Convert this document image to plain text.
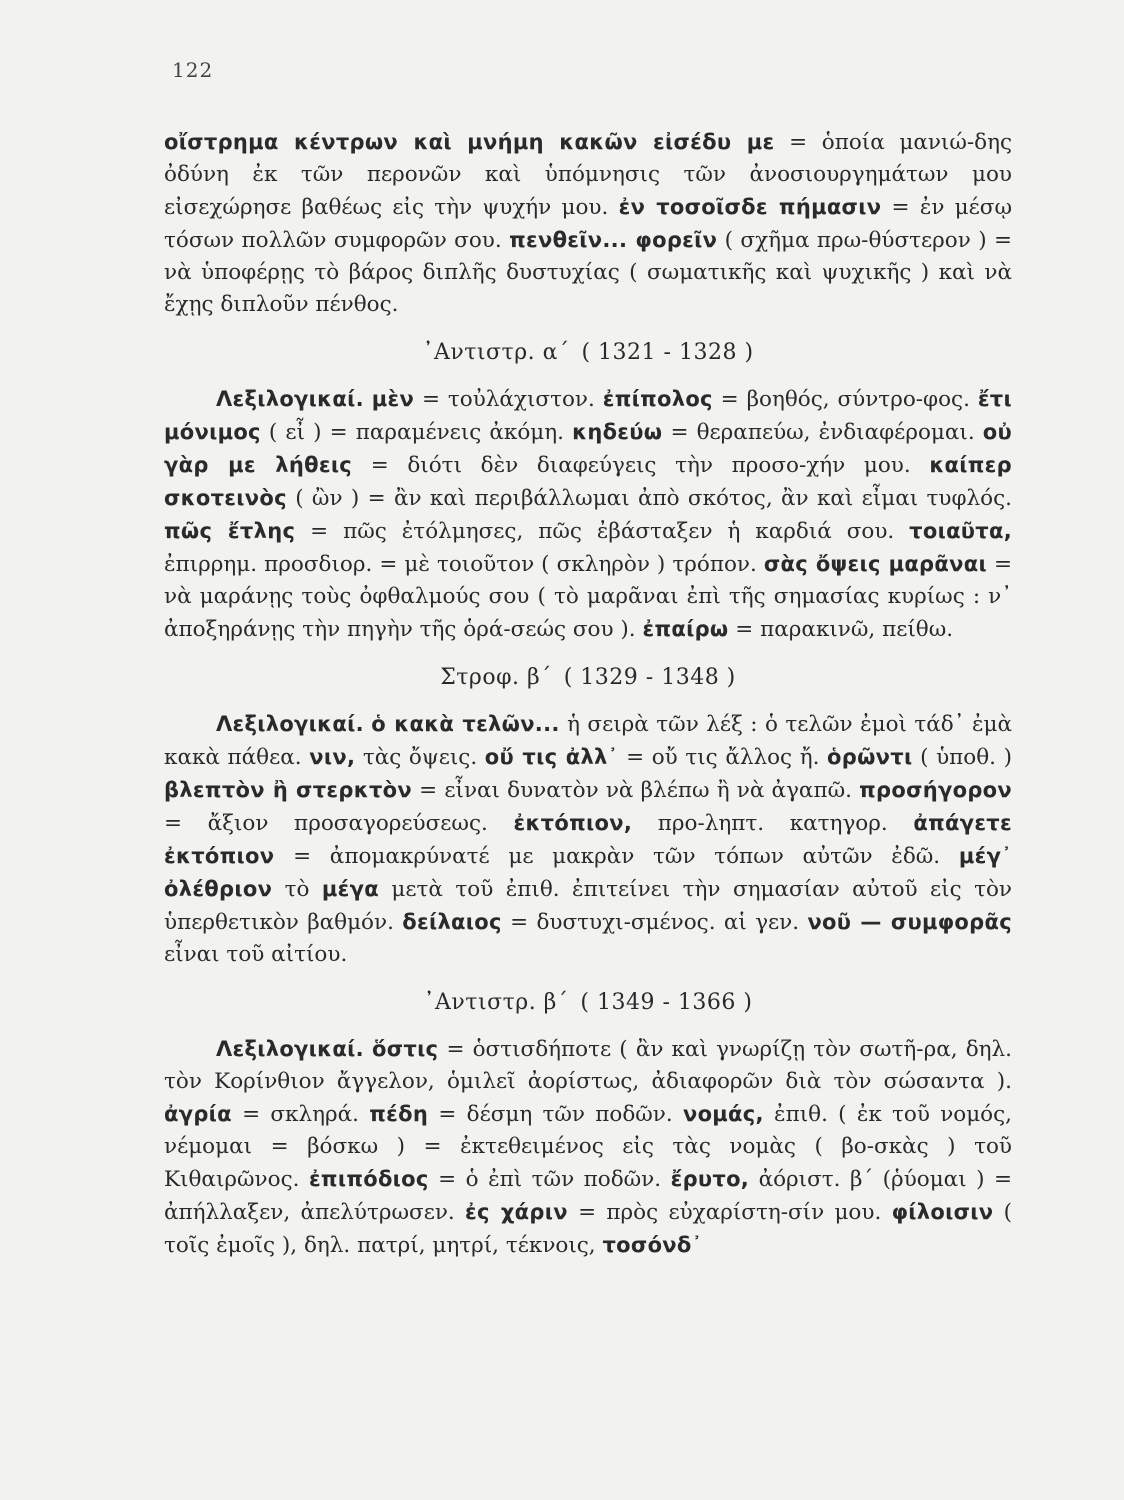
122

οἴστρημα κέντρων καὶ μνήμη κακῶν εἰσέδυ με = ὁποία μανιώ-δης ὀδύνη ἐκ τῶν περονῶν καὶ ὑπόμνησις τῶν ἀνοσιουργημάτων μου εἰσεχώρησε βαθέως εἰς τὴν ψυχήν μου. ἐν τοσοῖσδε πήμασιν = ἐν μέσῳ τόσων πολλῶν συμφορῶν σου. πενθεῖν... φορεῖν ( σχῆμα πρω-θύστερον ) = νὰ ὑποφέρῃς τὸ βάρος διπλῆς δυστυχίας ( σωματικῆς καὶ ψυχικῆς ) καὶ νὰ ἔχῃς διπλοῦν πένθος.

᾿Αντιστρ. α΄ ( 1321 - 1328 )

Λεξιλογικαί. μὲν = τοὐλάχιστον. ἐπίπολος = βοηθός, σύντρο-φος. ἔτι μόνιμος ( εἶ ) = παραμένεις ἀκόμη. κηδεύω = θεραπεύω, ἐνδιαφέρομαι. οὐ γὰρ με λήθεις = διότι δὲν διαφεύγεις τὴν προσο-χήν μου. καίπερ σκοτεινὸς ( ὢν ) = ἂν καὶ περιβάλλωμαι ἀπὸ σκότος, ἂν καὶ εἶμαι τυφλός. πῶς ἔτλης = πῶς ἐτόλμησες, πῶς ἐβάσταξεν ἡ καρδιά σου. τοιαῦτα, ἐπιρρημ. προσδιορ. = μὲ τοιοῦτον ( σκληρὸν ) τρόπον. σὰς ὄψεις μαρᾶναι = νὰ μαράνῃς τοὺς ὀφθαλμούς σου ( τὸ μαρᾶναι ἐπὶ τῆς σημασίας κυρίως : ν᾿ ἀποξηράνῃς τὴν πηγὴν τῆς ὁρά-σεώς σου ). ἐπαίρω = παρακινῶ, πείθω.

Στροφ. β΄ ( 1329 - 1348 )

Λεξιλογικαί. ὁ κακὰ τελῶν... ἡ σειρὰ τῶν λέξ : ὁ τελῶν ἐμοὶ τάδ᾿ ἐμὰ κακὰ πάθεα. νιν, τὰς ὄψεις. οὔ τις ἀλλ᾿ = οὔ τις ἄλλος ἤ. ὁρῶντι ( ὑποθ. ) βλεπτὸν ἢ στερκτὸν = εἶναι δυνατὸν νὰ βλέπω ἢ νὰ ἀγαπῶ. προσήγορον = ἄξιον προσαγορεύσεως. ἐκτόπιον, προ-ληπτ. κατηγορ. ἀπάγετε ἐκτόπιον = ἀπομακρύνατέ με μακρὰν τῶν τόπων αὐτῶν ἐδῶ. μέγ᾿ ὀλέθριον τὸ μέγα μετὰ τοῦ ἐπιθ. ἐπιτείνει τὴν σημασίαν αὐτοῦ εἰς τὸν ὑπερθετικὸν βαθμόν. δείλαιος = δυστυχι-σμένος. αἱ γεν. νοῦ — συμφορᾶς εἶναι τοῦ αἰτίου.

᾿Αντιστρ. β΄ ( 1349 - 1366 )

Λεξιλογικαί. ὅστις = ὁστισδήποτε ( ἂν καὶ γνωρίζῃ τὸν σωτῆ-ρα, δηλ. τὸν Κορίνθιον ἄγγελον, ὁμιλεῖ ἀορίστως, ἀδιαφορῶν διὰ τὸν σώσαντα ). ἀγρία = σκληρά. πέδη = δέσμη τῶν ποδῶν. νομάς, ἐπιθ. ( ἐκ τοῦ νομός, νέμομαι = βόσκω ) = ἐκτεθειμένος εἰς τὰς νομὰς ( βο-σκὰς ) τοῦ Κιθαιρῶνος. ἐπιπόδιος = ὁ ἐπὶ τῶν ποδῶν. ἔρυτο, ἀόριστ. β΄ (ῥύομαι ) = ἀπήλλαξεν, ἀπελύτρωσεν. ἐς χάριν = πρὸς εὐχαρίστη-σίν μου. φίλοισιν ( τοῖς ἐμοῖς ), δηλ. πατρί, μητρί, τέκνοις, τοσόνδ᾿
